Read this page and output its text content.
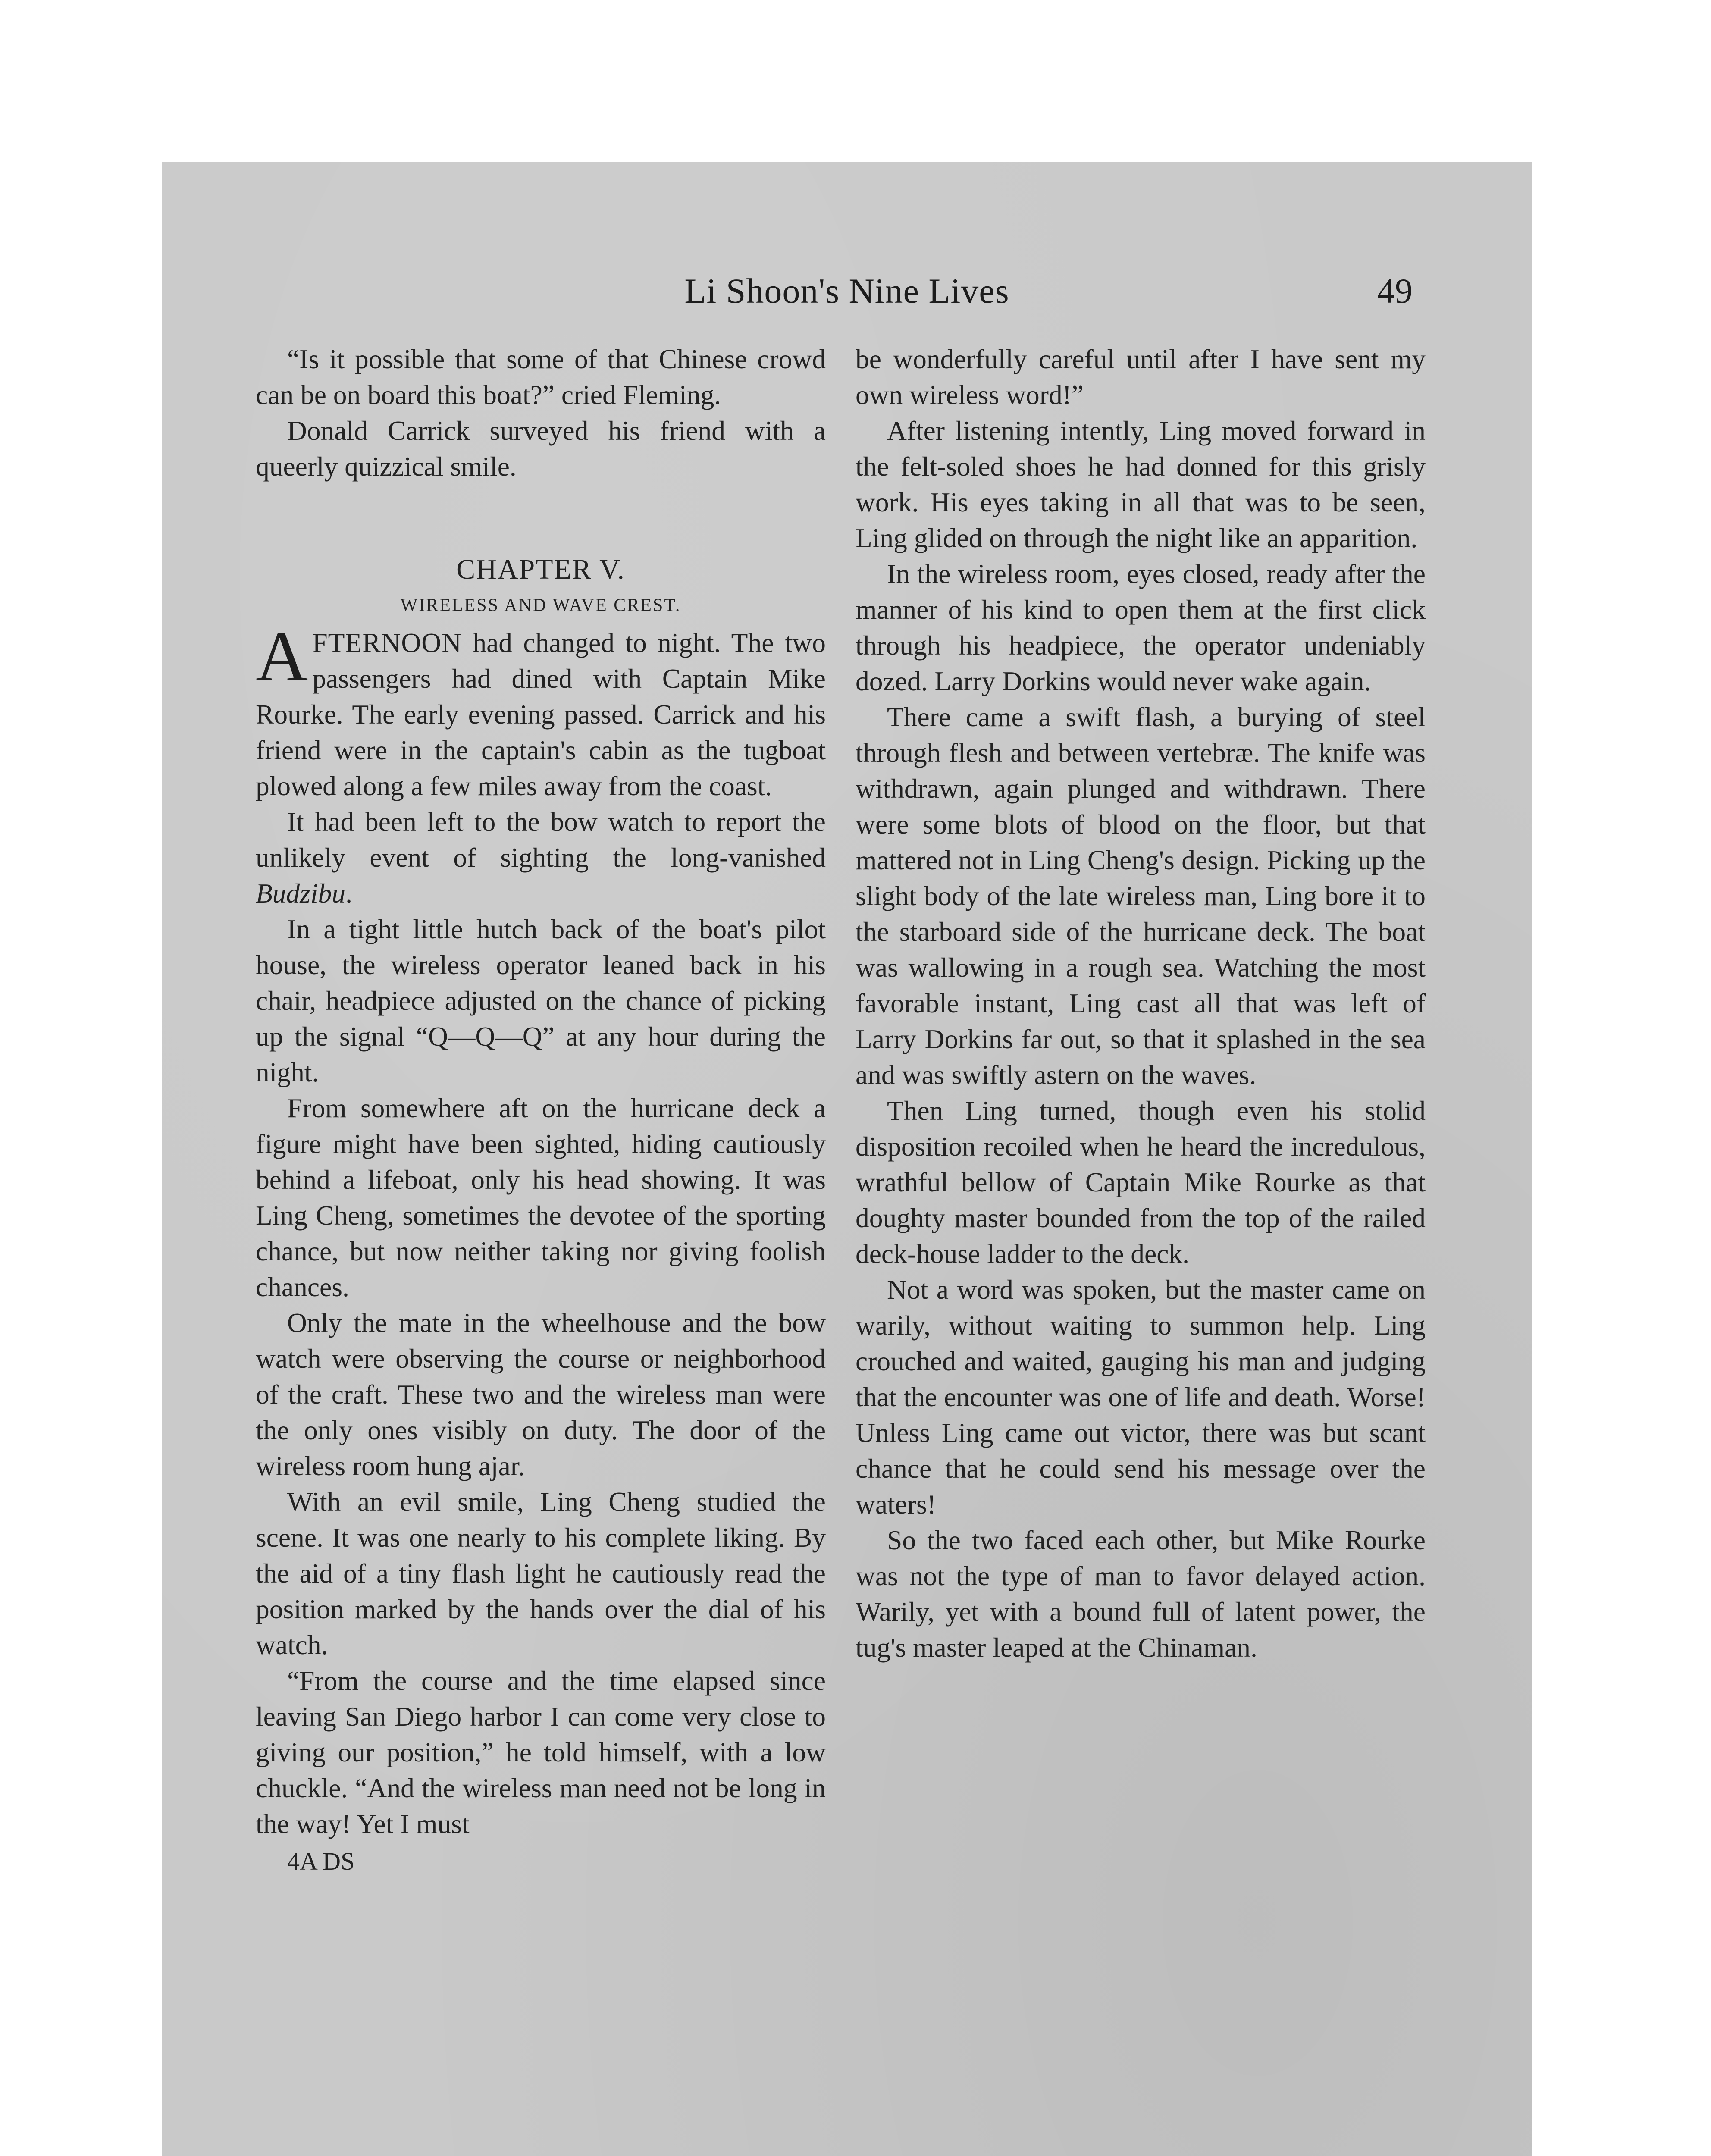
Li Shoon's Nine Lives	49

“Is it possible that some of that Chinese crowd can be on board this boat?” cried Fleming.

Donald Carrick surveyed his friend with a queerly quizzical smile.

CHAPTER V.
WIRELESS AND WAVE CREST.

AFTERNOON had changed to night. The two passengers had dined with Captain Mike Rourke. The early evening passed. Carrick and his friend were in the captain's cabin as the tugboat plowed along a few miles away from the coast.

It had been left to the bow watch to report the unlikely event of sighting the long-vanished Budzibu.

In a tight little hutch back of the boat's pilot house, the wireless operator leaned back in his chair, headpiece adjusted on the chance of picking up the signal “Q—Q—Q” at any hour during the night.

From somewhere aft on the hurricane deck a figure might have been sighted, hiding cautiously behind a lifeboat, only his head showing. It was Ling Cheng, sometimes the devotee of the sporting chance, but now neither taking nor giving foolish chances.

Only the mate in the wheelhouse and the bow watch were observing the course or neighborhood of the craft. These two and the wireless man were the only ones visibly on duty. The door of the wireless room hung ajar.

With an evil smile, Ling Cheng studied the scene. It was one nearly to his complete liking. By the aid of a tiny flash light he cautiously read the position marked by the hands over the dial of his watch.

“From the course and the time elapsed since leaving San Diego harbor I can come very close to giving our position,” he told himself, with a low chuckle. “And the wireless man need not be long in the way! Yet I must

4A DS

be wonderfully careful until after I have sent my own wireless word!”

After listening intently, Ling moved forward in the felt-soled shoes he had donned for this grisly work. His eyes taking in all that was to be seen, Ling glided on through the night like an apparition.

In the wireless room, eyes closed, ready after the manner of his kind to open them at the first click through his headpiece, the operator undeniably dozed. Larry Dorkins would never wake again.

There came a swift flash, a burying of steel through flesh and between vertebræ. The knife was withdrawn, again plunged and withdrawn. There were some blots of blood on the floor, but that mattered not in Ling Cheng's design. Picking up the slight body of the late wireless man, Ling bore it to the starboard side of the hurricane deck. The boat was wallowing in a rough sea. Watching the most favorable instant, Ling cast all that was left of Larry Dorkins far out, so that it splashed in the sea and was swiftly astern on the waves.

Then Ling turned, though even his stolid disposition recoiled when he heard the incredulous, wrathful bellow of Captain Mike Rourke as that doughty master bounded from the top of the railed deck-house ladder to the deck.

Not a word was spoken, but the master came on warily, without waiting to summon help. Ling crouched and waited, gauging his man and judging that the encounter was one of life and death. Worse! Unless Ling came out victor, there was but scant chance that he could send his message over the waters!

So the two faced each other, but Mike Rourke was not the type of man to favor delayed action. Warily, yet with a bound full of latent power, the tug's master leaped at the Chinaman.
